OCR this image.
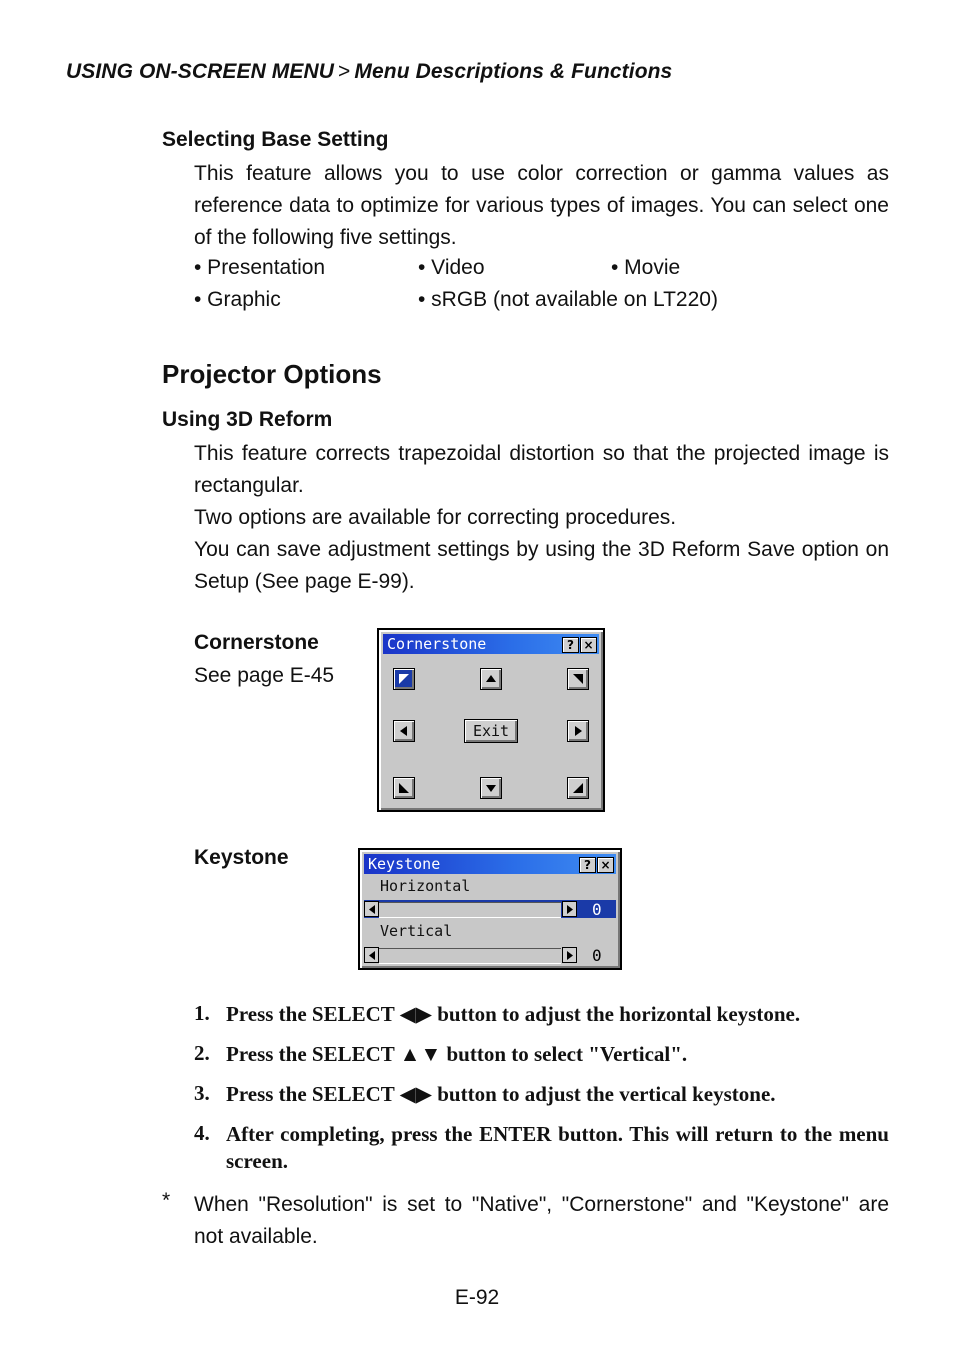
USING ON-SCREEN MENU > Menu Descriptions & Functions
Selecting Base Setting
This feature allows you to use color correction or gamma values as reference data to optimize for various types of images. You can select one of the following five settings.
• Presentation	• Video	• Movie
• Graphic	• sRGB (not available on LT220)
Projector Options
Using 3D Reform
This feature corrects trapezoidal distortion so that the projected image is rectangular.
Two options are available for correcting procedures.
You can save adjustment settings by using the 3D Reform Save option on Setup (See page E-99).
Cornerstone
See page E-45
Cornerstone	? ×
Exit
Keystone	Keystone	? ×
Horizontal
0
Vertical
0
1. Press the SELECT ◀▶ button to adjust the horizontal keystone.
2. Press the SELECT ▲▼ button to select "Vertical".
3. Press the SELECT ◀▶ button to adjust the vertical keystone.
4. After completing, press the ENTER button. This will return to the menu screen.
* When "Resolution" is set to "Native", "Cornerstone" and "Keystone" are not available.
E-92
